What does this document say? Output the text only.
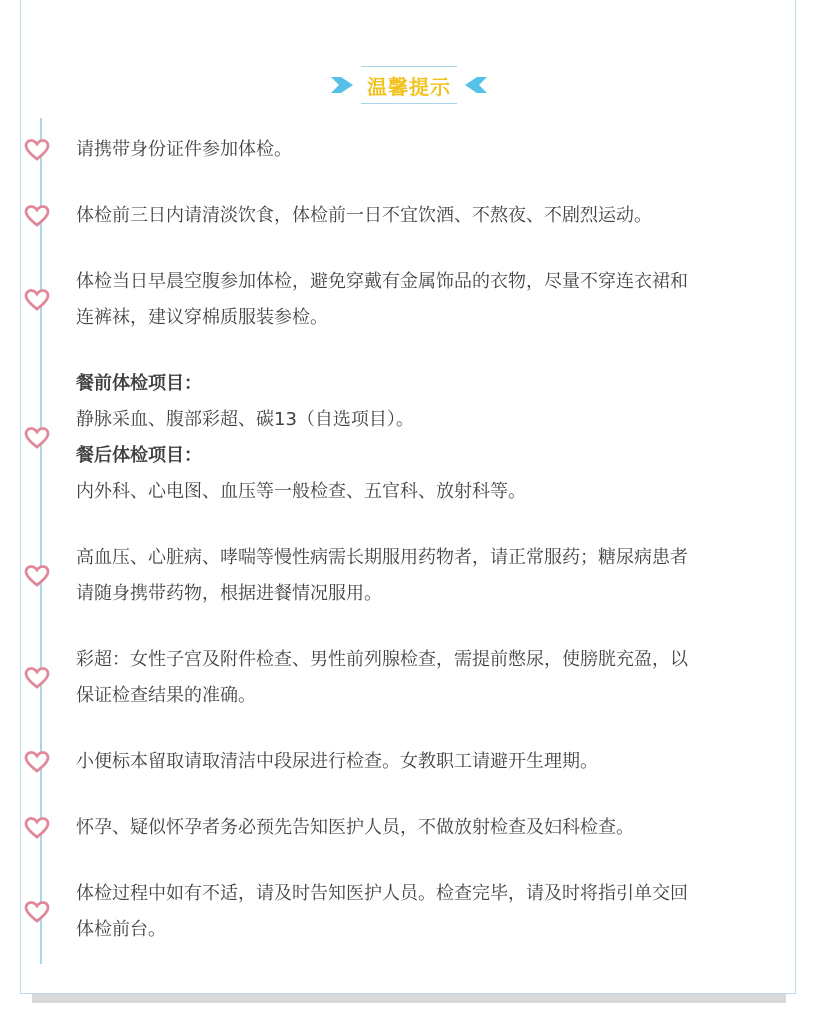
温馨提示

请携带身份证件参加体检。

体检前三日内请清淡饮食，体检前一日不宜饮酒、不熬夜、不剧烈运动。

体检当日早晨空腹参加体检，避免穿戴有金属饰品的衣物，尽量不穿连衣裙和

连裤袜，建议穿棉质服装参检。

餐前体检项目：

静脉采血、腹部彩超、碳13（自选项目）。

餐后体检项目：

内外科、心电图、血压等一般检查、五官科、放射科等。

高血压、心脏病、哮喘等慢性病需长期服用药物者，请正常服药；糖尿病患者

请随身携带药物，根据进餐情况服用。

彩超：女性子宫及附件检查、男性前列腺检查，需提前憋尿，使膀胱充盈，以

保证检查结果的准确。

小便标本留取请取清洁中段尿进行检查。女教职工请避开生理期。

怀孕、疑似怀孕者务必预先告知医护人员，不做放射检查及妇科检查。

体检过程中如有不适，请及时告知医护人员。检查完毕，请及时将指引单交回

体检前台。
